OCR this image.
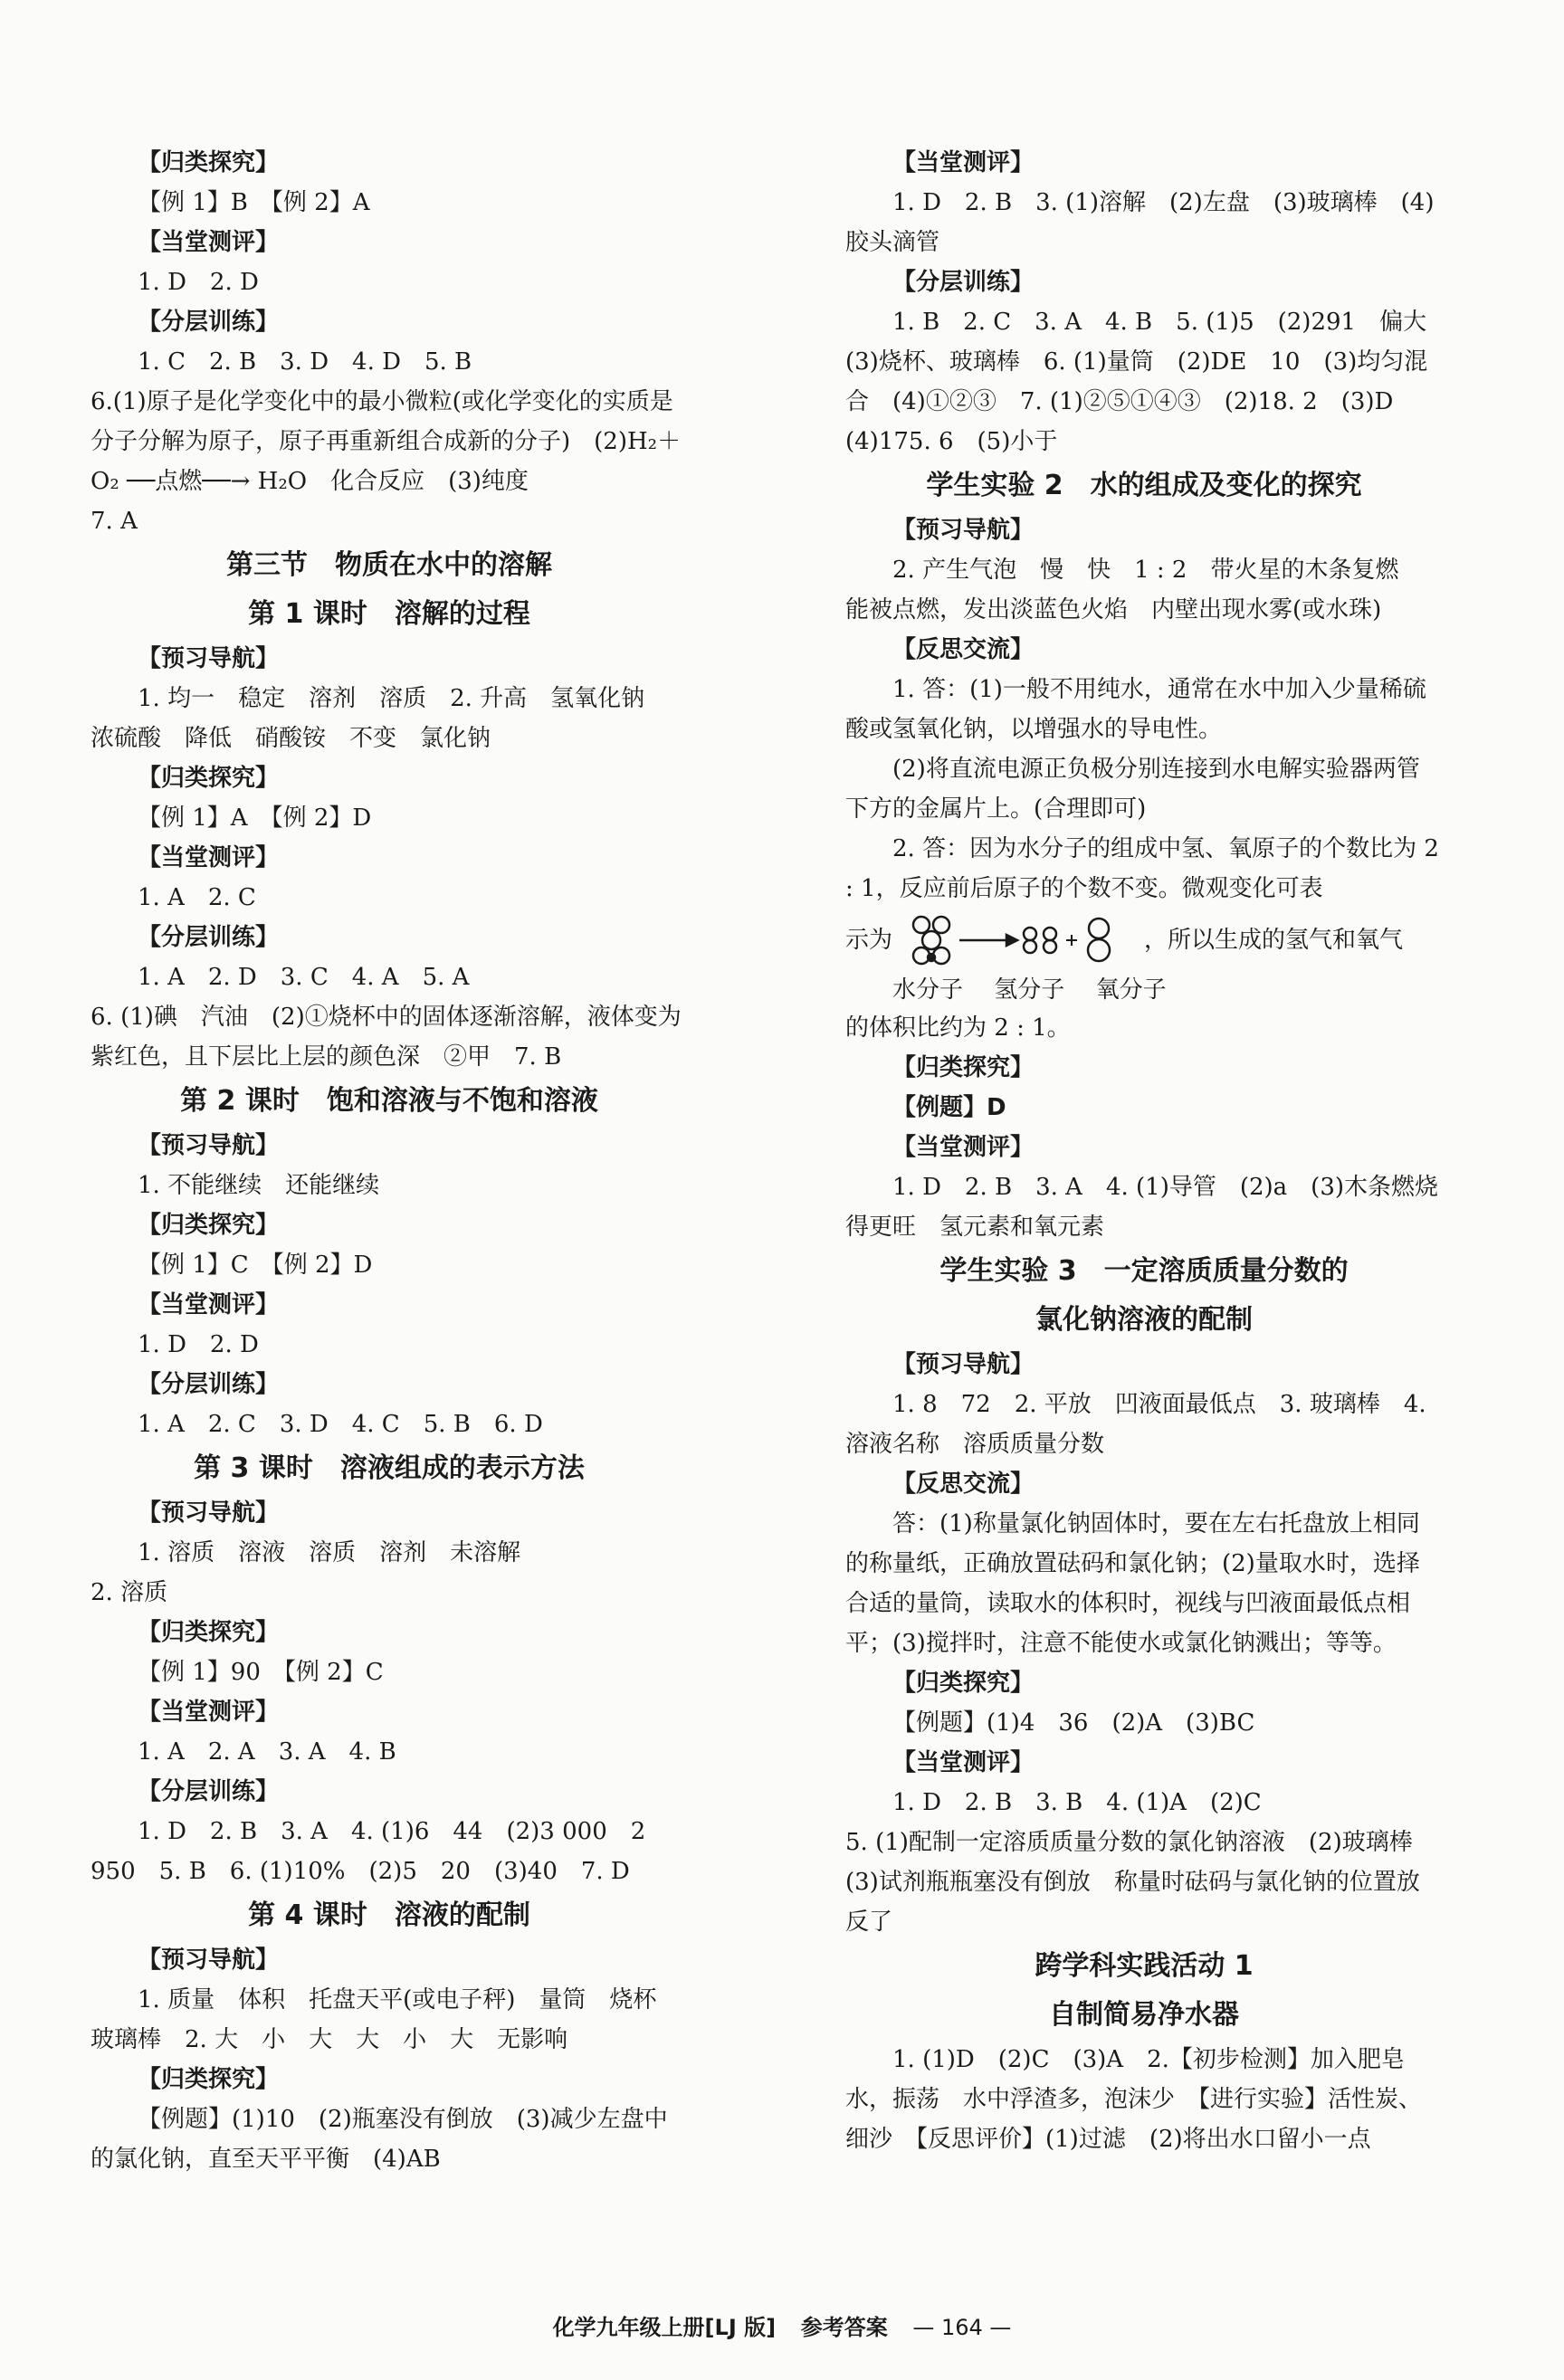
【归类探究】

【例 1】B　【例 2】A

【当堂测评】

1. D　2. D

【分层训练】

1. C　2. B　3. D　4. D　5. B

6.(1)原子是化学变化中的最小微粒(或化学变化的实质是分子分解为原子，原子再重新组合成新的分子)　(2)H₂＋O₂ ──点燃──→ H₂O　化合反应　(3)纯度

7. A

第三节　物质在水中的溶解

第 1 课时　溶解的过程

【预习导航】

1. 均一　稳定　溶剂　溶质　2. 升高　氢氧化钠　浓硫酸　降低　硝酸铵　不变　氯化钠

【归类探究】

【例 1】A　【例 2】D

【当堂测评】

1. A　2. C

【分层训练】

1. A　2. D　3. C　4. A　5. A

6. (1)碘　汽油　(2)①烧杯中的固体逐渐溶解，液体变为紫红色，且下层比上层的颜色深　②甲　7. B

第 2 课时　饱和溶液与不饱和溶液

【预习导航】

1. 不能继续　还能继续

【归类探究】

【例 1】C　【例 2】D

【当堂测评】

1. D　2. D

【分层训练】

1. A　2. C　3. D　4. C　5. B　6. D

第 3 课时　溶液组成的表示方法

【预习导航】

1. 溶质　溶液　溶质　溶剂　未溶解

2. 溶质

【归类探究】

【例 1】90　【例 2】C

【当堂测评】

1. A　2. A　3. A　4. B

【分层训练】

1. D　2. B　3. A　4. (1)6　44　(2)3 000　2 950　5. B　6. (1)10%　(2)5　20　(3)40　7. D

第 4 课时　溶液的配制

【预习导航】

1. 质量　体积　托盘天平(或电子秤)　量筒　烧杯　玻璃棒　2. 大　小　大　大　小　大　无影响

【归类探究】

【例题】(1)10　(2)瓶塞没有倒放　(3)减少左盘中的氯化钠，直至天平平衡　(4)AB

【当堂测评】

1. D　2. B　3. (1)溶解　(2)左盘　(3)玻璃棒　(4)胶头滴管

【分层训练】

1. B　2. C　3. A　4. B　5. (1)5　(2)291　偏大　(3)烧杯、玻璃棒　6. (1)量筒　(2)DE　10　(3)均匀混合　(4)①②③　7. (1)②⑤①④③　(2)18. 2　(3)D　(4)175. 6　(5)小于

学生实验 2　水的组成及变化的探究

【预习导航】

2. 产生气泡　慢　快　1 : 2　带火星的木条复燃　能被点燃，发出淡蓝色火焰　内壁出现水雾(或水珠)

【反思交流】

1. 答：(1)一般不用纯水，通常在水中加入少量稀硫酸或氢氧化钠，以增强水的导电性。

(2)将直流电源正负极分别连接到水电解实验器两管下方的金属片上。(合理即可)

2. 答：因为水分子的组成中氢、氧原子的个数比为 2 : 1，反应前后原子的个数不变。微观变化可表

示为	，所以生成的氢气和氧气
水分子　 氢分子　 氧分子

的体积比约为 2 : 1。

【归类探究】

【例题】D

【当堂测评】

1. D　2. B　3. A　4. (1)导管　(2)a　(3)木条燃烧得更旺　氢元素和氧元素

学生实验 3　一定溶质质量分数的

氯化钠溶液的配制

【预习导航】

1. 8　72　2. 平放　凹液面最低点　3. 玻璃棒　4. 溶液名称　溶质质量分数

【反思交流】

答：(1)称量氯化钠固体时，要在左右托盘放上相同的称量纸，正确放置砝码和氯化钠；(2)量取水时，选择合适的量筒，读取水的体积时，视线与凹液面最低点相平；(3)搅拌时，注意不能使水或氯化钠溅出；等等。

【归类探究】

【例题】(1)4　36　(2)A　(3)BC

【当堂测评】

1. D　2. B　3. B　4. (1)A　(2)C

5. (1)配制一定溶质质量分数的氯化钠溶液　(2)玻璃棒　(3)试剂瓶瓶塞没有倒放　称量时砝码与氯化钠的位置放反了

跨学科实践活动 1

自制简易净水器

1. (1)D　(2)C　(3)A　2.【初步检测】加入肥皂水，振荡　水中浮渣多，泡沫少　【进行实验】活性炭、细沙　【反思评价】(1)过滤　(2)将出水口留小一点

化学九年级上册[LJ 版] 参考答案 — 164 —
